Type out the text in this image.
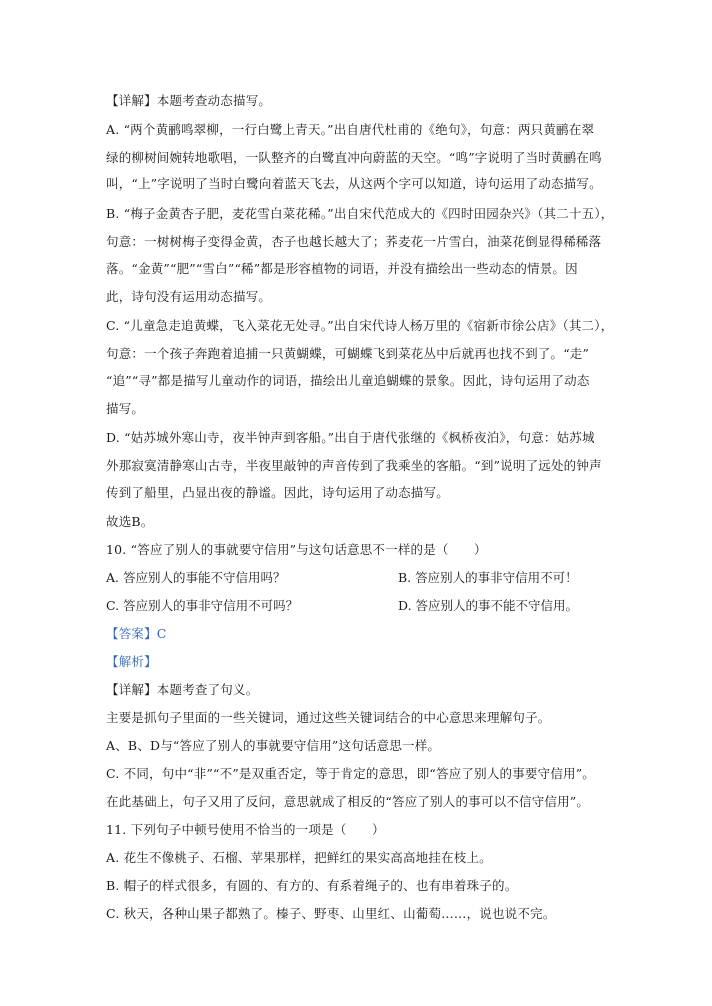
【详解】本题考查动态描写。
A. “两个黄鹂鸣翠柳，一行白鹭上青天。”出自唐代杜甫的《绝句》，句意：两只黄鹂在翠
绿的柳树间婉转地歌唱，一队整齐的白鹭直冲向蔚蓝的天空。“鸣”字说明了当时黄鹂在鸣
叫，“上”字说明了当时白鹭向着蓝天飞去，从这两个字可以知道，诗句运用了动态描写。
B. “梅子金黄杏子肥，麦花雪白菜花稀。”出自宋代范成大的《四时田园杂兴》（其二十五），
句意：一树树梅子变得金黄，杏子也越长越大了；荞麦花一片雪白，油菜花倒显得稀稀落
落。“金黄”“肥”“雪白”“稀”都是形容植物的词语，并没有描绘出一些动态的情景。因
此，诗句没有运用动态描写。
C. “儿童急走追黄蝶，飞入菜花无处寻。”出自宋代诗人杨万里的《宿新市徐公店》（其二），
句意：一个孩子奔跑着追捕一只黄蝴蝶，可蝴蝶飞到菜花丛中后就再也找不到了。“走”
“追”“寻”都是描写儿童动作的词语，描绘出儿童追蝴蝶的景象。因此，诗句运用了动态
描写。
D. “姑苏城外寒山寺，夜半钟声到客船。”出自于唐代张继的《枫桥夜泊》，句意：姑苏城
外那寂寞清静寒山古寺，半夜里敲钟的声音传到了我乘坐的客船。“到”说明了远处的钟声
传到了船里，凸显出夜的静谧。因此，诗句运用了动态描写。
故选B。
10. “答应了别人的事就要守信用”与这句话意思不一样的是（　　）
A. 答应别人的事能不守信用吗？	B. 答应别人的事非守信用不可！
C. 答应别人的事非守信用不可吗？	D. 答应别人的事不能不守信用。
【答案】C
【解析】
【详解】本题考查了句义。
主要是抓句子里面的一些关键词，通过这些关键词结合的中心意思来理解句子。
A、B、D与“答应了别人的事就要守信用”这句话意思一样。
C. 不同，句中“非”“不”是双重否定，等于肯定的意思，即“答应了别人的事要守信用”。
在此基础上，句子又用了反问，意思就成了相反的“答应了别人的事可以不信守信用”。
11. 下列句子中顿号使用不恰当的一项是（　　）
A. 花生不像桃子、石榴、苹果那样，把鲜红的果实高高地挂在枝上。
B. 帽子的样式很多，有圆的、有方的、有系着绳子的、也有串着珠子的。
C. 秋天，各种山果子都熟了。榛子、野枣、山里红、山葡萄……，说也说不完。
